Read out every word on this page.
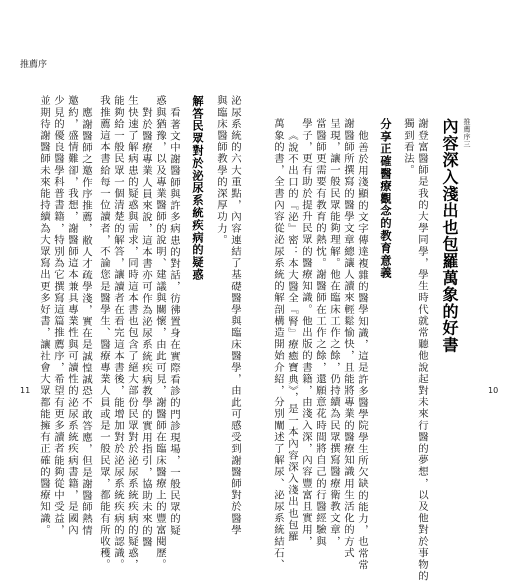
推薦序
11	泌尿系統的六大重點，內容連結了基礎醫學與臨床醫學，由此可感受到謝醫師對於醫學
與臨床醫師教學的深厚功力。
解答民眾對於泌尿系統疾病的疑惑
看著文中謝醫師與許多病患的對話，彷彿置身在實際看診的門診現場，一般民眾的疑
惑與猶豫，以及專業醫師的說明、建議與關懷，由此可見，謝醫師在臨床醫療上的豐富閱歷。
對於醫療專業人員來說，這本書亦可作為泌尿系統疾病教學的實用指引，協助未來的醫
生快速了解病患的疑惑與需求，同時這本書也包含了絕大部份民眾對於泌尿系統疾病的疑惑，
能夠給一般民眾一個清楚的解答，讓讀者在看完這本書後，能增加對於泌尿系統疾病的認識。
我推薦這本書給每一位讀者，不論您是醫學生、醫療專業人員或是一般民眾，都能有所收穫。
應謝醫師之邀作序推薦，敝人才疏學淺，實在是誠惶誠恐不敢答應，但是謝醫師熱情
邀約，盛情難卻，我想，謝醫師這本兼具專業性與可讀性的泌尿系統疾病書籍，是國內
少見的優良醫學科普書籍，特別為它撰寫這篇推薦序，希望有更多讀者能夠從中受益，
並期待謝醫師未來能持續為大眾寫出更多好書，讓社會大眾都能擁有正確的醫療知識。	10
推薦序三
內容深入淺出也包羅萬象的好書
謝登富醫師是我的大學同學，學生時代就常聽他說起對未來行醫的夢想，以及他對於事物的
獨到看法。
分享正確醫療觀念的教育意義
他善於用淺顯的文字傳達複雜的醫學知識，這是許多醫學院學生所欠缺的能力，也常常
謝醫師所撰寫的醫學文章總讓人讀來輕鬆愉快，且能將專業的醫療知識用生活化的方式
呈現，讓一般民眾能夠理解。他在臨床工作之餘，仍持續為民眾撰寫醫療衛教文章，
當醫師更需要有教育的熱忱。謝醫師在工作之餘，還願意花時間將自己的行醫經驗與
學子，更有助於提升民眾的醫療知識。他出版的書籍，由淺入深，內容豐富且實用，
《說不出口的『泌』密：本大醫全『腎』療癒寶典》，是一本內容深入淺出也包羅
萬象的書，全書內容從泌尿系統的解剖構造開始介紹，分別闡述了解尿、泌尿系統結石、
